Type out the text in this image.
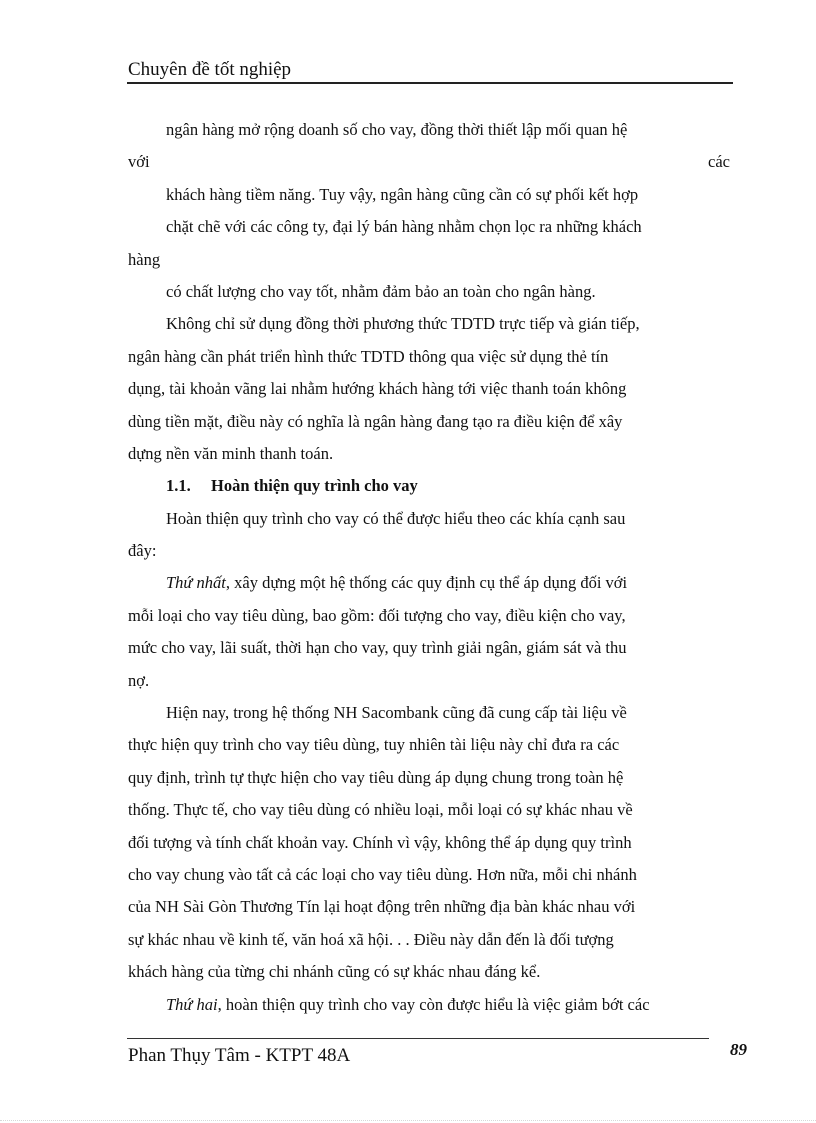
Chuyên đề tốt nghiệp
ngân hàng mở rộng doanh số cho vay, đồng thời thiết lập mối quan hệ
với	các
khách hàng tiềm năng. Tuy vậy, ngân hàng cũng cần có sự phối kết hợp
chặt chẽ với các công ty, đại lý bán hàng nhằm chọn lọc ra những khách
hàng
có chất lượng cho vay tốt, nhằm đảm bảo an toàn cho ngân hàng.
Không chỉ sử dụng đồng thời phương thức TDTD trực tiếp và gián tiếp,
ngân hàng cần phát triển hình thức TDTD thông qua việc sử dụng thẻ tín
dụng, tài khoản vãng lai nhằm hướng khách hàng tới việc thanh toán không
dùng tiền mặt, điều này có nghĩa là ngân hàng đang tạo ra điều kiện để xây
dựng nền văn minh thanh toán.
1.1. Hoàn thiện quy trình cho vay
Hoàn thiện quy trình cho vay có thể được hiểu theo các khía cạnh sau
đây:
Thứ nhất, xây dựng một hệ thống các quy định cụ thể áp dụng đối với
mỗi loại cho vay tiêu dùng, bao gồm: đối tượng cho vay, điều kiện cho vay,
mức cho vay, lãi suất, thời hạn cho vay, quy trình giải ngân, giám sát và thu
nợ.
Hiện nay, trong hệ thống NH Sacombank cũng đã cung cấp tài liệu về
thực hiện quy trình cho vay tiêu dùng, tuy nhiên tài liệu này chỉ đưa ra các
quy định, trình tự thực hiện cho vay tiêu dùng áp dụng chung trong toàn hệ
thống. Thực tế, cho vay tiêu dùng có nhiều loại, mỗi loại có sự khác nhau về
đối tượng và tính chất khoản vay. Chính vì vậy, không thể áp dụng quy trình
cho vay chung vào tất cả các loại cho vay tiêu dùng. Hơn nữa, mỗi chi nhánh
của NH Sài Gòn Thương Tín lại hoạt động trên những địa bàn khác nhau với
sự khác nhau về kinh tế, văn hoá xã hội. . . Điều này dẫn đến là đối tượng
khách hàng của từng chi nhánh cũng có sự khác nhau đáng kể.
Thứ hai, hoàn thiện quy trình cho vay còn được hiểu là việc giảm bớt các
Phan Thụy Tâm - KTPT 48A	89
